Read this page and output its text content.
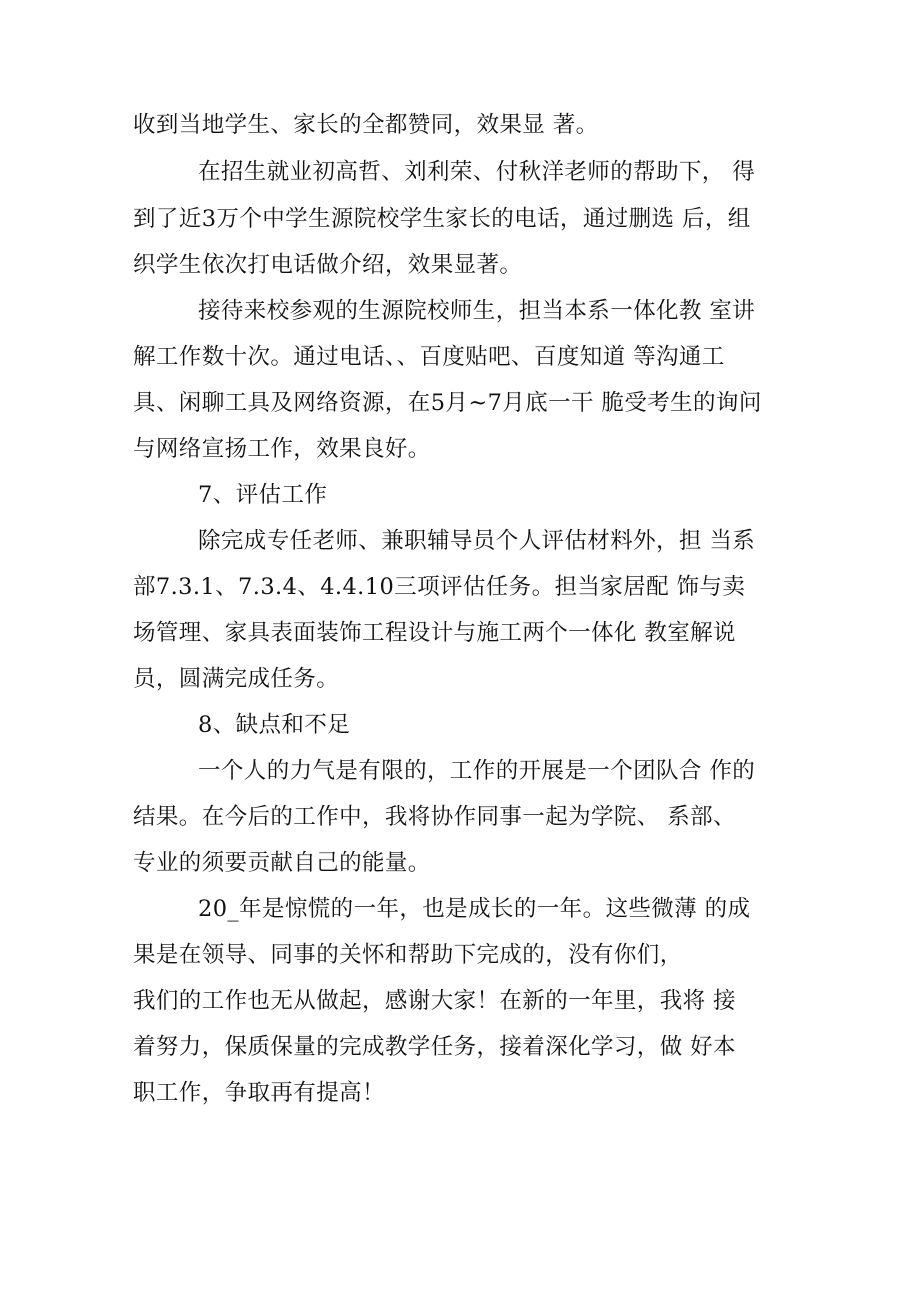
收到当地学生、家长的全都赞同，效果显 著。

在招生就业初高哲、刘利荣、付秋洋老师的帮助下， 得

到了近3万个中学生源院校学生家长的电话，通过删选 后，组

织学生依次打电话做介绍，效果显著。

接待来校参观的生源院校师生，担当本系一体化教 室讲

解工作数十次。通过电话、、百度贴吧、百度知道 等沟通工

具、闲聊工具及网络资源，在5月~7月底一干 脆受考生的询问

与网络宣扬工作，效果良好。

7、评估工作

除完成专任老师、兼职辅导员个人评估材料外，担 当系

部7.3.1、7.3.4、4.4.10三项评估任务。担当家居配 饰与卖

场管理、家具表面装饰工程设计与施工两个一体化 教室解说

员，圆满完成任务。

8、缺点和不足

一个人的力气是有限的，工作的开展是一个团队合 作的

结果。在今后的工作中，我将协作同事一起为学院、 系部、

专业的须要贡献自己的能量。

20_年是惊慌的一年，也是成长的一年。这些微薄 的成

果是在领导、同事的关怀和帮助下完成的，没有你们，

我们的工作也无从做起，感谢大家！在新的一年里，我将 接

着努力，保质保量的完成教学任务，接着深化学习，做 好本

职工作，争取再有提高！
